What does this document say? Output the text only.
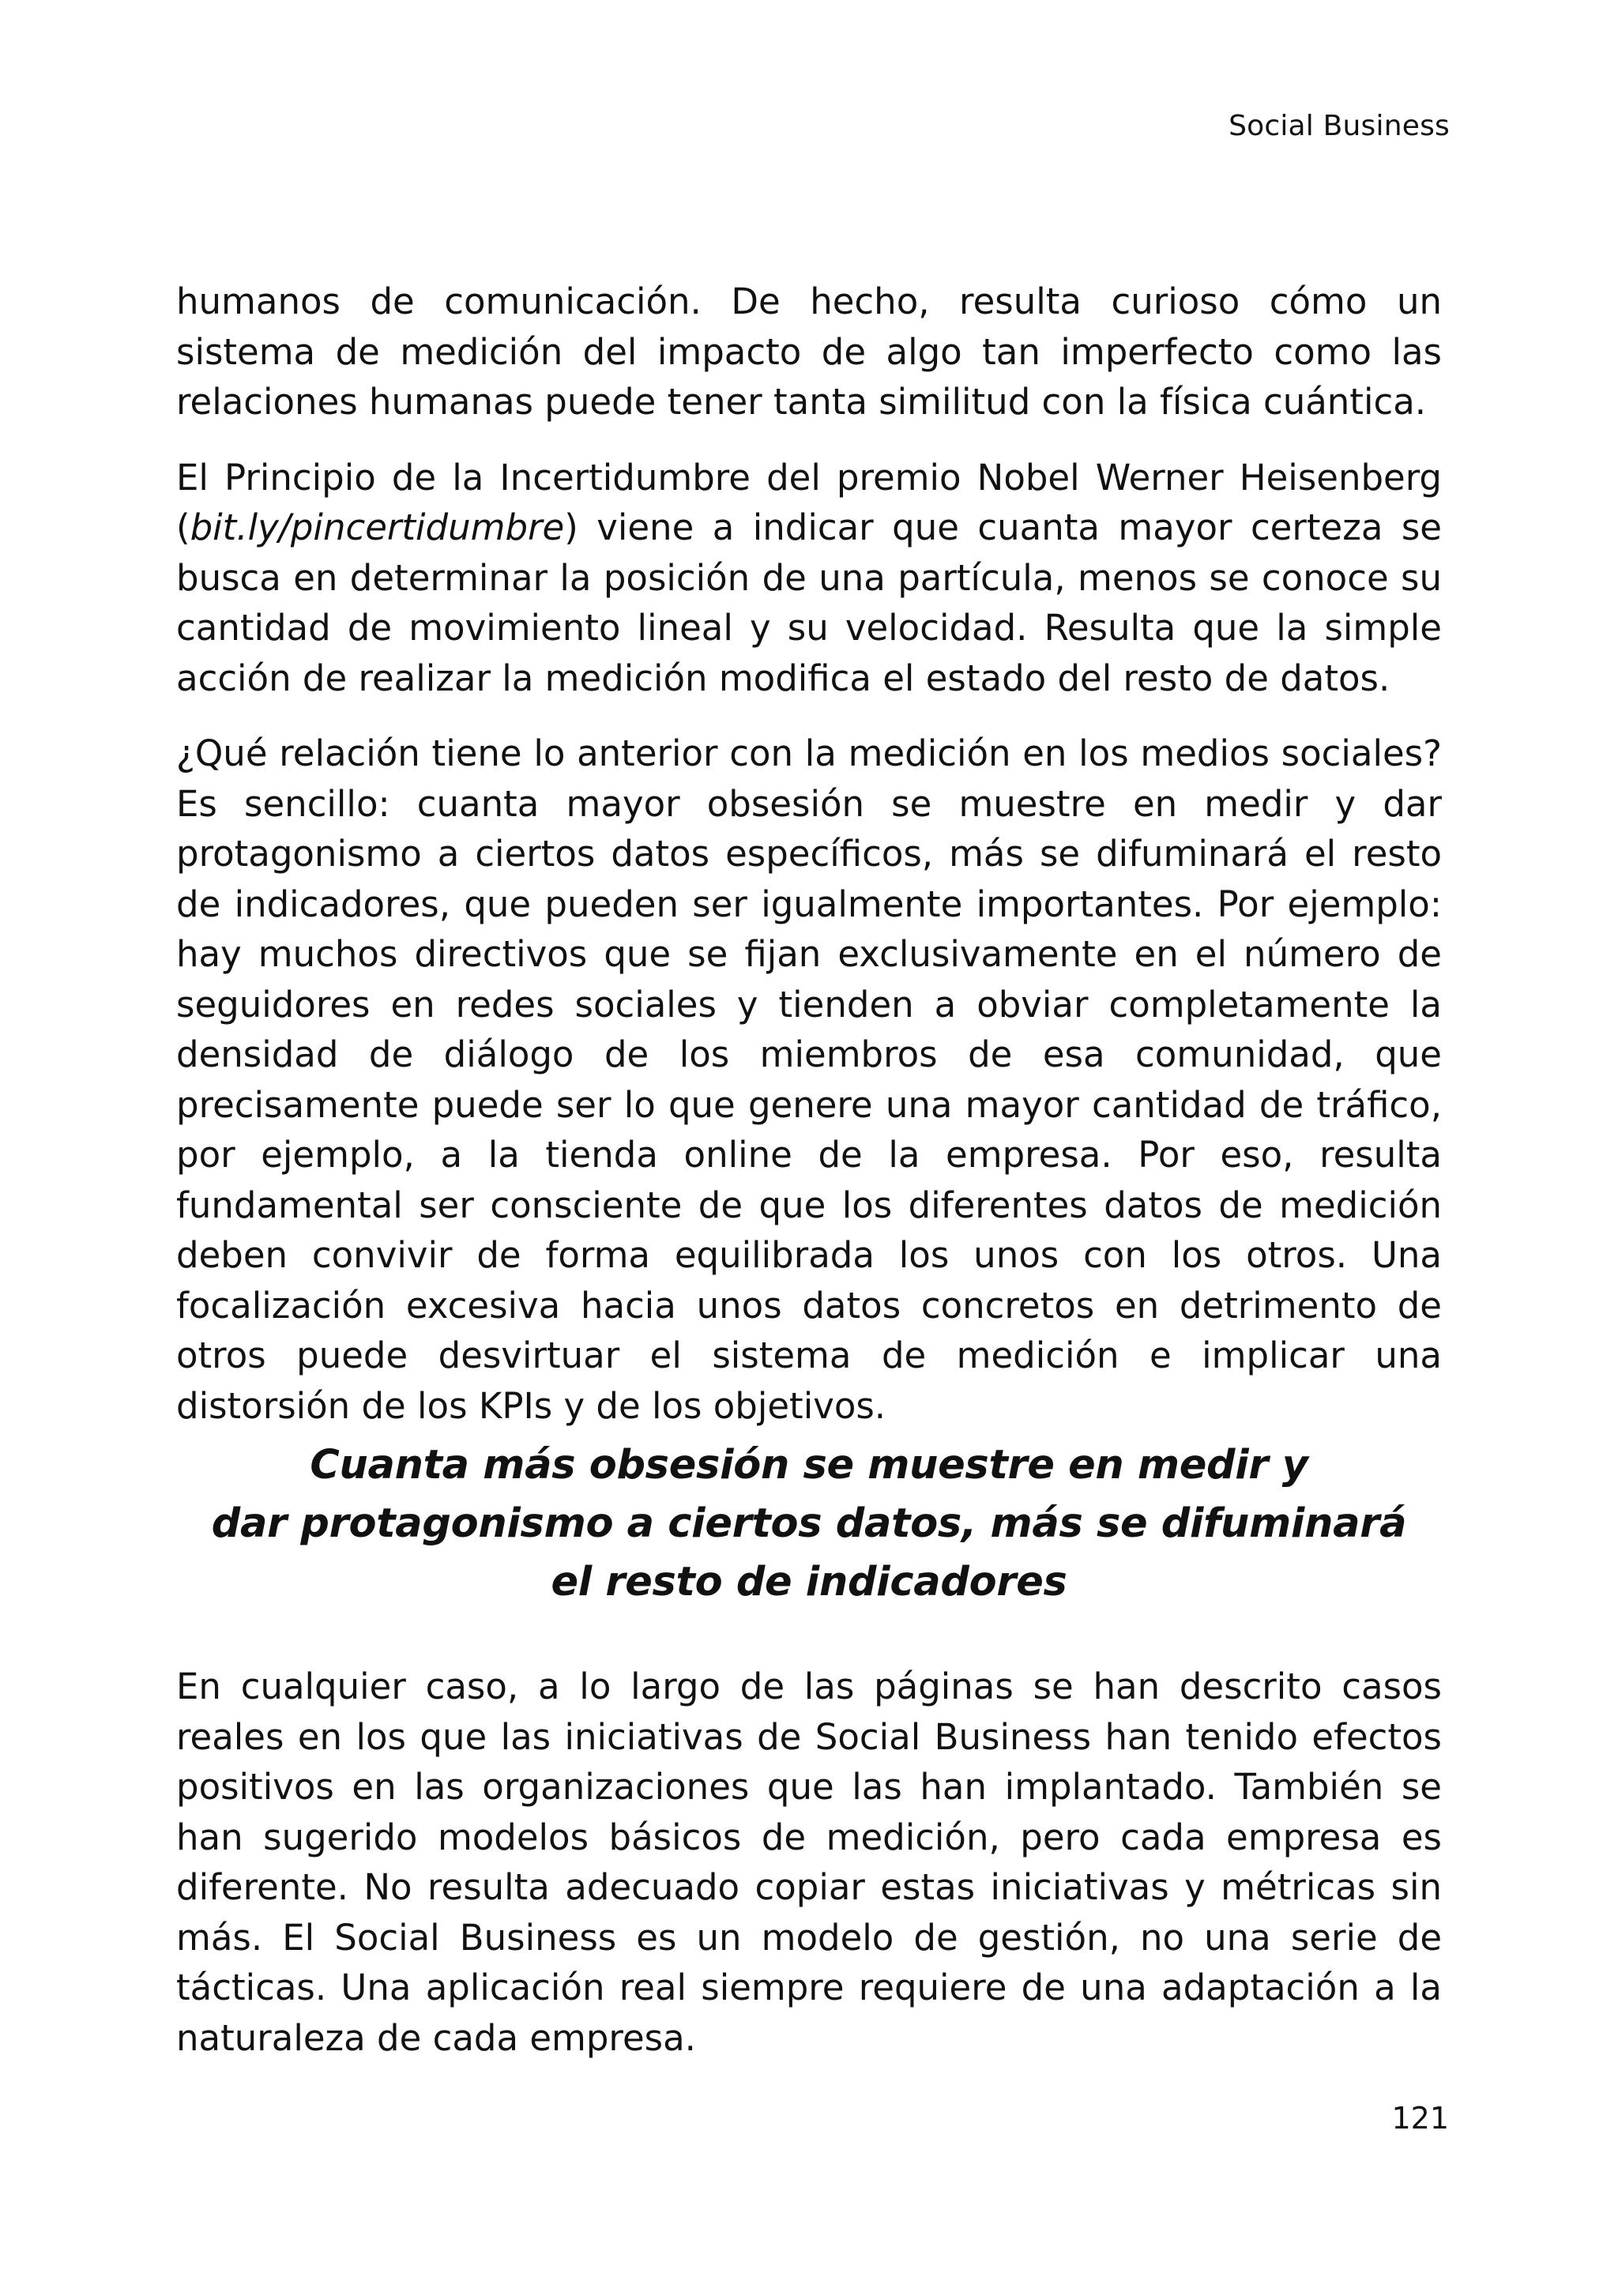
Social Business

humanos de comunicación. De hecho, resulta curioso cómo un sistema de medición del impacto de algo tan imperfecto como las relaciones humanas puede tener tanta similitud con la física cuántica.

El Principio de la Incertidumbre del premio Nobel Werner Heisenberg (bit.ly/pincertidumbre) viene a indicar que cuanta mayor certeza se busca en determinar la posición de una partícula, menos se conoce su cantidad de movimiento lineal y su velocidad. Resulta que la simple acción de realizar la medición modifica el estado del resto de datos.

¿Qué relación tiene lo anterior con la medición en los medios sociales? Es sencillo: cuanta mayor obsesión se muestre en medir y dar protagonismo a ciertos datos específicos, más se difuminará el resto de indicadores, que pueden ser igualmente importantes. Por ejemplo: hay muchos directivos que se fijan exclusivamente en el número de seguidores en redes sociales y tienden a obviar completamente la densidad de diálogo de los miembros de esa comunidad, que precisamente puede ser lo que genere una mayor cantidad de tráfico, por ejemplo, a la tienda online de la empresa. Por eso, resulta fundamental ser consciente de que los diferentes datos de medición deben convivir de forma equilibrada los unos con los otros. Una focalización excesiva hacia unos datos concretos en detrimento de otros puede desvirtuar el sistema de medición e implicar una distorsión de los KPIs y de los objetivos.

Cuanta más obsesión se muestre en medir y
dar protagonismo a ciertos datos, más se difuminará
el resto de indicadores

En cualquier caso, a lo largo de las páginas se han descrito casos reales en los que las iniciativas de Social Business han tenido efectos positivos en las organizaciones que las han implantado. También se han sugerido modelos básicos de medición, pero cada empresa es diferente. No resulta adecuado copiar estas iniciativas y métricas sin más. El Social Business es un modelo de gestión, no una serie de tácticas. Una aplicación real siempre requiere de una adaptación a la naturaleza de cada empresa.

121
